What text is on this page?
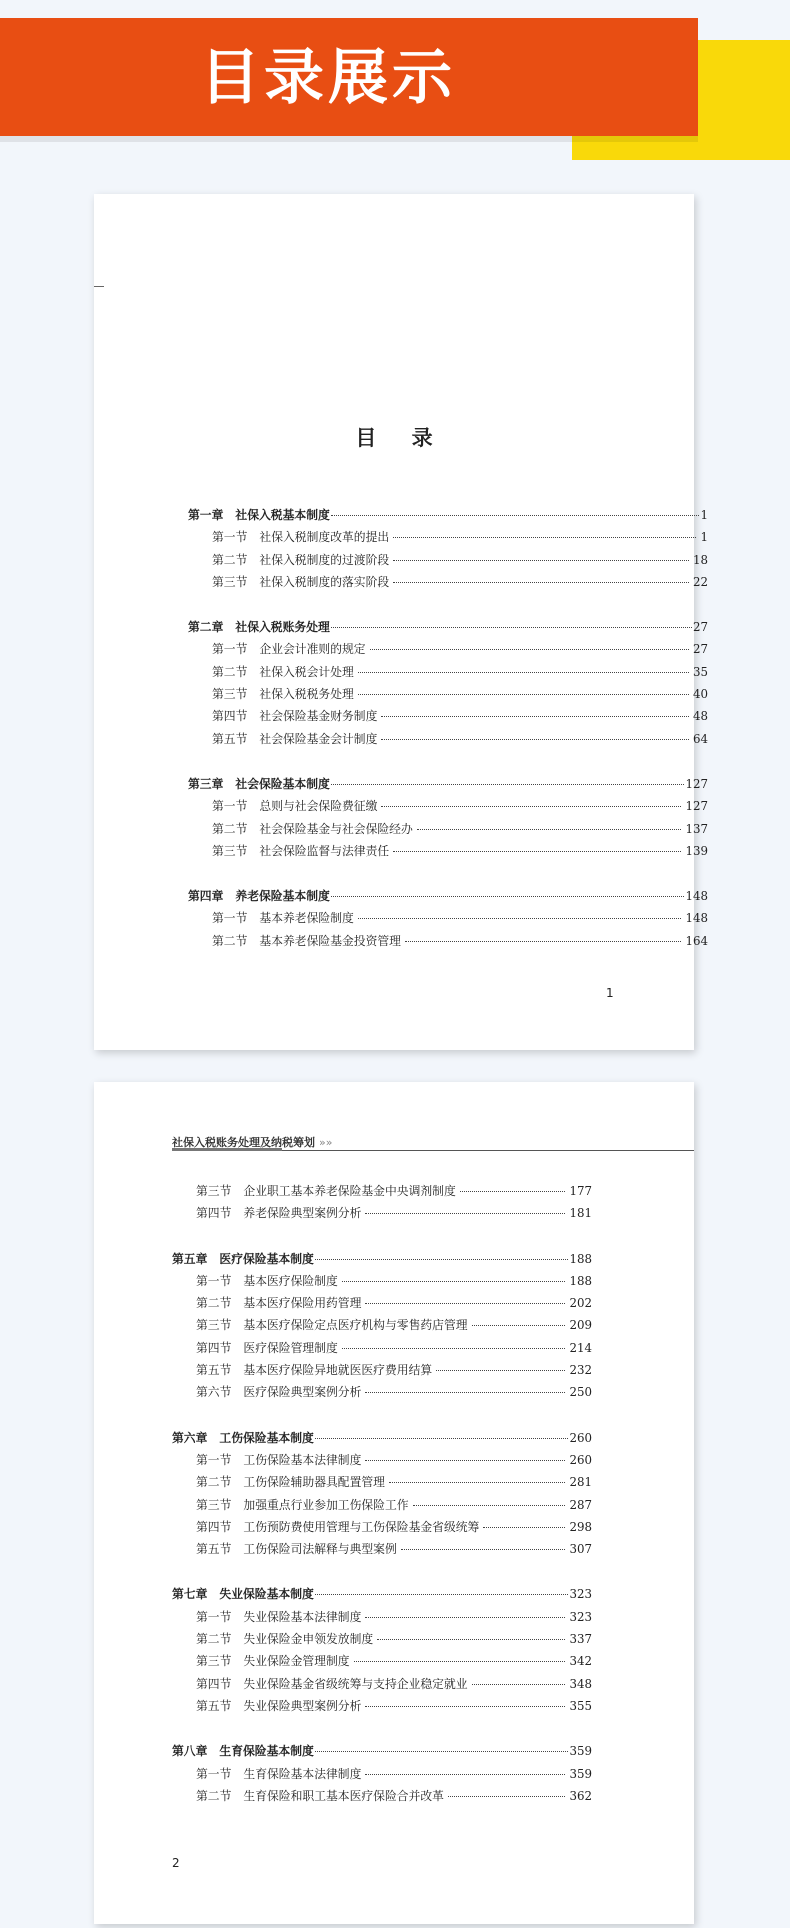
目录展示
目 录
第一章 社保入税基本制度	1
第一节 社保入税制度改革的提出	1
第二节 社保入税制度的过渡阶段	18
第三节 社保入税制度的落实阶段	22
第二章 社保入税账务处理	27
第一节 企业会计准则的规定	27
第二节 社保入税会计处理	35
第三节 社保入税税务处理	40
第四节 社会保险基金财务制度	48
第五节 社会保险基金会计制度	64
第三章 社会保险基本制度	127
第一节 总则与社会保险费征缴	127
第二节 社会保险基金与社会保险经办	137
第三节 社会保险监督与法律责任	139
第四章 养老保险基本制度	148
第一节 基本养老保险制度	148
第二节 基本养老保险基金投资管理	164
1
社保入税账务处理及纳税筹划 »»
第三节 企业职工基本养老保险基金中央调剂制度	177
第四节 养老保险典型案例分析	181
第五章 医疗保险基本制度	188
第一节 基本医疗保险制度	188
第二节 基本医疗保险用药管理	202
第三节 基本医疗保险定点医疗机构与零售药店管理	209
第四节 医疗保险管理制度	214
第五节 基本医疗保险异地就医医疗费用结算	232
第六节 医疗保险典型案例分析	250
第六章 工伤保险基本制度	260
第一节 工伤保险基本法律制度	260
第二节 工伤保险辅助器具配置管理	281
第三节 加强重点行业参加工伤保险工作	287
第四节 工伤预防费使用管理与工伤保险基金省级统筹	298
第五节 工伤保险司法解释与典型案例	307
第七章 失业保险基本制度	323
第一节 失业保险基本法律制度	323
第二节 失业保险金申领发放制度	337
第三节 失业保险金管理制度	342
第四节 失业保险基金省级统筹与支持企业稳定就业	348
第五节 失业保险典型案例分析	355
第八章 生育保险基本制度	359
第一节 生育保险基本法律制度	359
第二节 生育保险和职工基本医疗保险合并改革	362
2
